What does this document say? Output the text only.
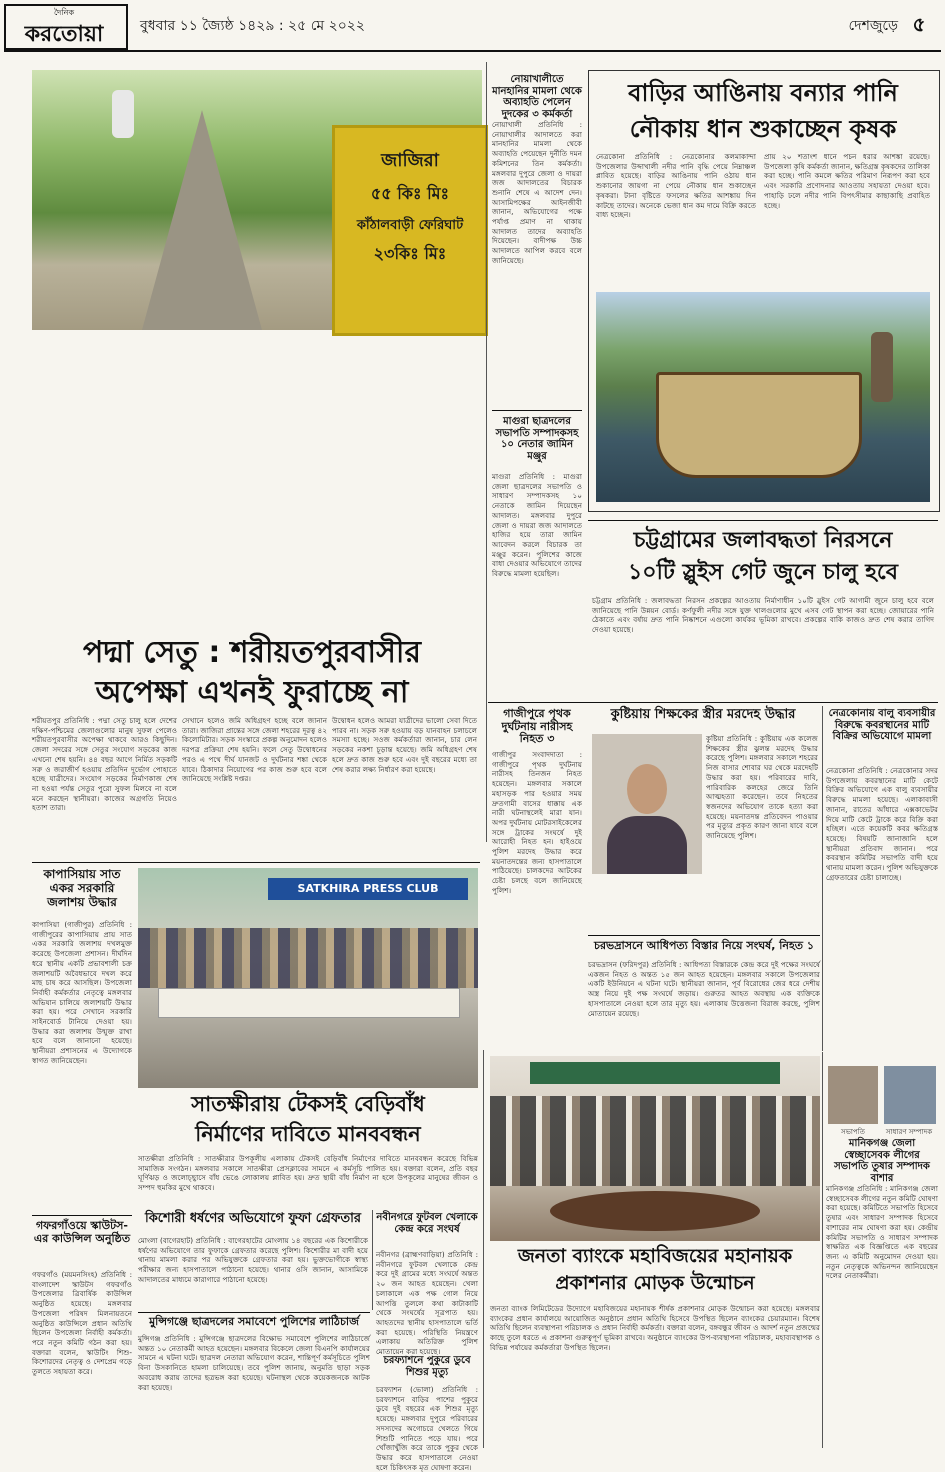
দৈনিক
করতোয়া	বুধবার ১১ জ্যৈষ্ঠ ১৪২৯ : ২৫ মে ২০২২	দেশজুড়ে ৫
জাজিরা
৫৫ কিঃ মিঃ
কাঁঠালবাড়ী ফেরিঘাট
২৩কিঃ মিঃ
পদ্মা সেতু : শরীয়তপুরবাসীর
অপেক্ষা এখনই ফুরাচ্ছে না
শরীয়তপুর প্রতিনিধি : পদ্মা সেতু চালু হলে দেশের দক্ষিণ-পশ্চিমের জেলাগুলোর মানুষ সুফল পেলেও শরীয়তপুরবাসীর অপেক্ষা থাকবে আরও কিছুদিন। জেলা সদরের সঙ্গে সেতুর সংযোগ সড়কের কাজ এখনো শেষ হয়নি। ৪৪ বছর আগে নির্মিত সড়কটি সরু ও জরাজীর্ণ হওয়ায় প্রতিদিন দুর্ভোগ পোহাতে হচ্ছে যাত্রীদের। সংযোগ সড়কের নির্মাণকাজ শেষ না হওয়া পর্যন্ত সেতুর পুরো সুফল মিলবে না বলে মনে করছেন স্থানীয়রা। কাজের অগ্রগতি নিয়েও হতাশ তারা।
সেখানে হলেও জমি অধিগ্রহণ হচ্ছে বলে জানান তারা। জাজিরা প্রান্তের সঙ্গে জেলা শহরের দূরত্ব ৪২ কিলোমিটার। সড়ক সংস্কারে প্রকল্প অনুমোদন হলেও দরপত্র প্রক্রিয়া শেষ হয়নি। ফলে সেতু উদ্বোধনের পরও এ পথে দীর্ঘ যানজট ও দুর্ঘটনার শঙ্কা থেকে যাবে। ঠিকাদার নিয়োগের পর কাজ শুরু হবে বলে জানিয়েছে সংশ্লিষ্ট দপ্তর।
উদ্বোধন হলেও আমরা যাত্রীদের ভালো সেবা দিতে পারব না। সড়ক সরু হওয়ায় বড় যানবাহন চলাচলে সমস্যা হচ্ছে। সওজ কর্মকর্তারা জানান, চার লেন সড়কের নকশা চূড়ান্ত হয়েছে। জমি অধিগ্রহণ শেষ হলে দ্রুত কাজ শুরু হবে এবং দুই বছরের মধ্যে তা শেষ করার লক্ষ্য নির্ধারণ করা হয়েছে।
নোয়াখালীতে মানহানির মামলা থেকে অব্যাহতি পেলেন দুদকের ৩ কর্মকর্তা
নোয়াখালী প্রতিনিধি : নোয়াখালীর আদালতে করা মানহানির মামলা থেকে অব্যাহতি পেয়েছেন দুর্নীতি দমন কমিশনের তিন কর্মকর্তা। মঙ্গলবার দুপুরে জেলা ও দায়রা জজ আদালতের বিচারক শুনানি শেষে এ আদেশ দেন। আসামিপক্ষের আইনজীবী জানান, অভিযোগের পক্ষে পর্যাপ্ত প্রমাণ না থাকায় আদালত তাদের অব্যাহতি দিয়েছেন। বাদীপক্ষ উচ্চ আদালতে আপিল করবে বলে জানিয়েছে।
মাগুরা ছাত্রদলের সভাপতি সম্পাদকসহ ১০ নেতার জামিন মঞ্জুর
মাগুরা প্রতিনিধি : মাগুরা জেলা ছাত্রদলের সভাপতি ও সাধারণ সম্পাদকসহ ১০ নেতাকে জামিন দিয়েছেন আদালত। মঙ্গলবার দুপুরে জেলা ও দায়রা জজ আদালতে হাজির হয়ে তারা জামিন আবেদন করলে বিচারক তা মঞ্জুর করেন। পুলিশের কাজে বাধা দেওয়ার অভিযোগে তাদের বিরুদ্ধে মামলা হয়েছিল।
বাড়ির আঙিনায় বন্যার পানি
নৌকায় ধান শুকাচ্ছেন কৃষক
নেত্রকোনা প্রতিনিধি : নেত্রকোনার কলমাকান্দা উপজেলার উব্দাখালী নদীর পানি বৃদ্ধি পেয়ে নিম্নাঞ্চল প্লাবিত হয়েছে। বাড়ির আঙিনায় পানি ওঠায় ধান শুকানোর জায়গা না পেয়ে নৌকায় ধান শুকাচ্ছেন কৃষকরা। টানা বৃষ্টিতে ফসলের ক্ষতির আশঙ্কায় দিন কাটছে তাদের। অনেকে ভেজা ধান কম দামে বিক্রি করতে বাধ্য হচ্ছেন।
প্রায় ২০ শতাংশ ধানে পচন ধরার আশঙ্কা রয়েছে। উপজেলা কৃষি কর্মকর্তা জানান, ক্ষতিগ্রস্ত কৃষকদের তালিকা করা হচ্ছে। পানি কমলে ক্ষতির পরিমাণ নিরূপণ করা হবে এবং সরকারি প্রণোদনার আওতায় সহায়তা দেওয়া হবে। পাহাড়ি ঢলে নদীর পানি বিপৎসীমার কাছাকাছি প্রবাহিত হচ্ছে।
চট্টগ্রামের জলাবদ্ধতা নিরসনে
১০টি স্লুইস গেট জুনে চালু হবে
চট্টগ্রাম প্রতিনিধি : জলাবদ্ধতা নিরসন প্রকল্পের আওতায় নির্মাণাধীন ১০টি স্লুইস গেট আগামী জুনে চালু হবে বলে জানিয়েছে পানি উন্নয়ন বোর্ড। কর্ণফুলী নদীর সঙ্গে যুক্ত খালগুলোর মুখে এসব গেট স্থাপন করা হচ্ছে। জোয়ারের পানি ঠেকাতে এবং বর্ষায় দ্রুত পানি নিষ্কাশনে এগুলো কার্যকর ভূমিকা রাখবে। প্রকল্পের বাকি কাজও দ্রুত শেষ করার তাগিদ দেওয়া হয়েছে।
গাজীপুরে পৃথক দুর্ঘটনায় নারীসহ নিহত ৩
গাজীপুর সংবাদদাতা : গাজীপুরে পৃথক দুর্ঘটনায় নারীসহ তিনজন নিহত হয়েছেন। মঙ্গলবার সকালে মহাসড়ক পার হওয়ার সময় দ্রুতগামী বাসের ধাক্কায় এক নারী ঘটনাস্থলেই মারা যান। অপর দুর্ঘটনায় মোটরসাইকেলের সঙ্গে ট্রাকের সংঘর্ষে দুই আরোহী নিহত হন। হাইওয়ে পুলিশ মরদেহ উদ্ধার করে ময়নাতদন্তের জন্য হাসপাতালে পাঠিয়েছে। চালকদের আটকের চেষ্টা চলছে বলে জানিয়েছে পুলিশ।
কুষ্টিয়ায় শিক্ষকের স্ত্রীর মরদেহ উদ্ধার
কুষ্টিয়া প্রতিনিধি : কুষ্টিয়ায় এক কলেজ শিক্ষকের স্ত্রীর ঝুলন্ত মরদেহ উদ্ধার করেছে পুলিশ। মঙ্গলবার সকালে শহরের নিজ বাসার শোবার ঘর থেকে মরদেহটি উদ্ধার করা হয়। পরিবারের দাবি, পারিবারিক কলহের জেরে তিনি আত্মহত্যা করেছেন। তবে নিহতের স্বজনদের অভিযোগ তাকে হত্যা করা হয়েছে। ময়নাতদন্ত প্রতিবেদন পাওয়ার পর মৃত্যুর প্রকৃত কারণ জানা যাবে বলে জানিয়েছে পুলিশ।
নেত্রকোনায় বালু ব্যবসায়ীর বিরুদ্ধে কবরস্থানের মাটি বিক্রির অভিযোগে মামলা
নেত্রকোনা প্রতিনিধি : নেত্রকোনার সদর উপজেলায় কবরস্থানের মাটি কেটে বিক্রির অভিযোগে এক বালু ব্যবসায়ীর বিরুদ্ধে মামলা হয়েছে। এলাকাবাসী জানান, রাতের আঁধারে এক্সকাভেটর দিয়ে মাটি কেটে ট্রাকে করে বিক্রি করা হচ্ছিল। এতে কয়েকটি কবর ক্ষতিগ্রস্ত হয়েছে। বিষয়টি জানাজানি হলে স্থানীয়রা প্রতিবাদ জানান। পরে কবরস্থান কমিটির সভাপতি বাদী হয়ে থানায় মামলা করেন। পুলিশ অভিযুক্তকে গ্রেফতারের চেষ্টা চালাচ্ছে।
চরভদ্রাসনে আধিপত্য বিস্তার নিয়ে সংঘর্ষ, নিহত ১
চরভদ্রাসন (ফরিদপুর) প্রতিনিধি : আধিপত্য বিস্তারকে কেন্দ্র করে দুই পক্ষের সংঘর্ষে একজন নিহত ও অন্তত ১৫ জন আহত হয়েছেন। মঙ্গলবার সকালে উপজেলার একটি ইউনিয়নে এ ঘটনা ঘটে। স্থানীয়রা জানান, পূর্ব বিরোধের জের ধরে দেশীয় অস্ত্র নিয়ে দুই পক্ষ সংঘর্ষে জড়ায়। গুরুতর আহত অবস্থায় এক ব্যক্তিকে হাসপাতালে নেওয়া হলে তার মৃত্যু হয়। এলাকায় উত্তেজনা বিরাজ করছে, পুলিশ মোতায়েন রয়েছে।
কাপাসিয়ায় সাত একর সরকারি জলাশয় উদ্ধার
কাপাসিয়া (গাজীপুর) প্রতিনিধি : গাজীপুরের কাপাসিয়ায় প্রায় সাত একর সরকারি জলাশয় দখলমুক্ত করেছে উপজেলা প্রশাসন। দীর্ঘদিন ধরে স্থানীয় একটি প্রভাবশালী চক্র জলাশয়টি অবৈধভাবে দখল করে মাছ চাষ করে আসছিল। উপজেলা নির্বাহী কর্মকর্তার নেতৃত্বে মঙ্গলবার অভিযান চালিয়ে জলাশয়টি উদ্ধার করা হয়। পরে সেখানে সরকারি সাইনবোর্ড টানিয়ে দেওয়া হয়। উদ্ধার করা জলাশয় উন্মুক্ত রাখা হবে বলে জানানো হয়েছে। স্থানীয়রা প্রশাসনের এ উদ্যোগকে স্বাগত জানিয়েছেন।
SATKHIRA PRESS CLUB
সাতক্ষীরায় টেকসই বেড়িবাঁধ
নির্মাণের দাবিতে মানববন্ধন
সাতক্ষীরা প্রতিনিধি : সাতক্ষীরার উপকূলীয় এলাকায় টেকসই বেড়িবাঁধ নির্মাণের দাবিতে মানববন্ধন করেছে বিভিন্ন সামাজিক সংগঠন। মঙ্গলবার সকালে সাতক্ষীরা প্রেসক্লাবের সামনে এ কর্মসূচি পালিত হয়। বক্তারা বলেন, প্রতি বছর ঘূর্ণিঝড় ও জলোচ্ছ্বাসে বাঁধ ভেঙে লোকালয় প্লাবিত হয়। দ্রুত স্থায়ী বাঁধ নির্মাণ না হলে উপকূলের মানুষের জীবন ও সম্পদ হুমকির মুখে থাকবে।
গফরগাঁওয়ে স্কাউটস-এর কাউন্সিল অনুষ্ঠিত
গফরগাঁও (ময়মনসিংহ) প্রতিনিধি : বাংলাদেশ স্কাউটস গফরগাঁও উপজেলার ত্রিবার্ষিক কাউন্সিল অনুষ্ঠিত হয়েছে। মঙ্গলবার উপজেলা পরিষদ মিলনায়তনে অনুষ্ঠিত কাউন্সিলে প্রধান অতিথি ছিলেন উপজেলা নির্বাহী কর্মকর্তা। পরে নতুন কমিটি গঠন করা হয়। বক্তারা বলেন, স্কাউটিং শিশু-কিশোরদের নেতৃত্ব ও দেশপ্রেম গড়ে তুলতে সহায়তা করে।
কিশোরী ধর্ষণের অভিযোগে ফুফা গ্রেফতার
মোংলা (বাগেরহাট) প্রতিনিধি : বাগেরহাটের মোংলায় ১৪ বছরের এক কিশোরীকে ধর্ষণের অভিযোগে তার ফুফাকে গ্রেফতার করেছে পুলিশ। কিশোরীর মা বাদী হয়ে থানায় মামলা করার পর অভিযুক্তকে গ্রেফতার করা হয়। ভুক্তভোগীকে স্বাস্থ্য পরীক্ষার জন্য হাসপাতালে পাঠানো হয়েছে। থানার ওসি জানান, আসামিকে আদালতের মাধ্যমে কারাগারে পাঠানো হয়েছে।
নবীনগরে ফুটবল খেলাকে কেন্দ্র করে সংঘর্ষ
নবীনগর (ব্রাহ্মণবাড়িয়া) প্রতিনিধি : নবীনগরে ফুটবল খেলাকে কেন্দ্র করে দুই গ্রামের মধ্যে সংঘর্ষে অন্তত ২০ জন আহত হয়েছেন। খেলা চলাকালে এক পক্ষ গোল নিয়ে আপত্তি তুললে কথা কাটাকাটি থেকে সংঘর্ষের সূত্রপাত হয়। আহতদের স্থানীয় হাসপাতালে ভর্তি করা হয়েছে। পরিস্থিতি নিয়ন্ত্রণে এলাকায় অতিরিক্ত পুলিশ মোতায়েন করা হয়েছে।
চরফ্যাশনে পুকুরে ডুবে শিশুর মৃত্যু
চরফ্যাশন (ভোলা) প্রতিনিধি : চরফ্যাশনে বাড়ির পাশের পুকুরে ডুবে দুই বছরের এক শিশুর মৃত্যু হয়েছে। মঙ্গলবার দুপুরে পরিবারের সদস্যদের অগোচরে খেলতে গিয়ে শিশুটি পানিতে পড়ে যায়। পরে খোঁজাখুঁজি করে তাকে পুকুর থেকে উদ্ধার করে হাসপাতালে নেওয়া হলে চিকিৎসক মৃত ঘোষণা করেন।
মুন্সিগঞ্জে ছাত্রদলের সমাবেশে পুলিশের লাঠিচার্জ
মুন্সিগঞ্জ প্রতিনিধি : মুন্সিগঞ্জে ছাত্রদলের বিক্ষোভ সমাবেশে পুলিশের লাঠিচার্জে অন্তত ১০ নেতাকর্মী আহত হয়েছেন। মঙ্গলবার বিকেলে জেলা বিএনপি কার্যালয়ের সামনে এ ঘটনা ঘটে। ছাত্রদল নেতারা অভিযোগ করেন, শান্তিপূর্ণ কর্মসূচিতে পুলিশ বিনা উসকানিতে হামলা চালিয়েছে। তবে পুলিশ জানায়, অনুমতি ছাড়া সড়ক অবরোধ করায় তাদের ছত্রভঙ্গ করা হয়েছে। ঘটনাস্থল থেকে কয়েকজনকে আটক করা হয়েছে।
জনতা ব্যাংকে মহাবিজয়ের মহানায়ক
প্রকাশনার মোড়ক উন্মোচন
জনতা ব্যাংক লিমিটেডের উদ্যোগে মহাবিজয়ের মহানায়ক শীর্ষক প্রকাশনার মোড়ক উন্মোচন করা হয়েছে। মঙ্গলবার ব্যাংকের প্রধান কার্যালয়ে আয়োজিত অনুষ্ঠানে প্রধান অতিথি হিসেবে উপস্থিত ছিলেন ব্যাংকের চেয়ারম্যান। বিশেষ অতিথি ছিলেন ব্যবস্থাপনা পরিচালক ও প্রধান নির্বাহী কর্মকর্তা। বক্তারা বলেন, বঙ্গবন্ধুর জীবন ও আদর্শ নতুন প্রজন্মের কাছে তুলে ধরতে এ প্রকাশনা গুরুত্বপূর্ণ ভূমিকা রাখবে। অনুষ্ঠানে ব্যাংকের উপ-ব্যবস্থাপনা পরিচালক, মহাব্যবস্থাপক ও বিভিন্ন পর্যায়ের কর্মকর্তারা উপস্থিত ছিলেন।
সভাপতি	সাধারণ সম্পাদক
মানিকগঞ্জ জেলা স্বেচ্ছাসেবক লীগের সভাপতি তুষার সম্পাদক বাশার
মানিকগঞ্জ প্রতিনিধি : মানিকগঞ্জ জেলা স্বেচ্ছাসেবক লীগের নতুন কমিটি ঘোষণা করা হয়েছে। কমিটিতে সভাপতি হিসেবে তুষার এবং সাধারণ সম্পাদক হিসেবে বাশারের নাম ঘোষণা করা হয়। কেন্দ্রীয় কমিটির সভাপতি ও সাধারণ সম্পাদক স্বাক্ষরিত এক বিজ্ঞপ্তিতে এক বছরের জন্য এ কমিটি অনুমোদন দেওয়া হয়। নতুন নেতৃত্বকে অভিনন্দন জানিয়েছেন দলের নেতাকর্মীরা।
